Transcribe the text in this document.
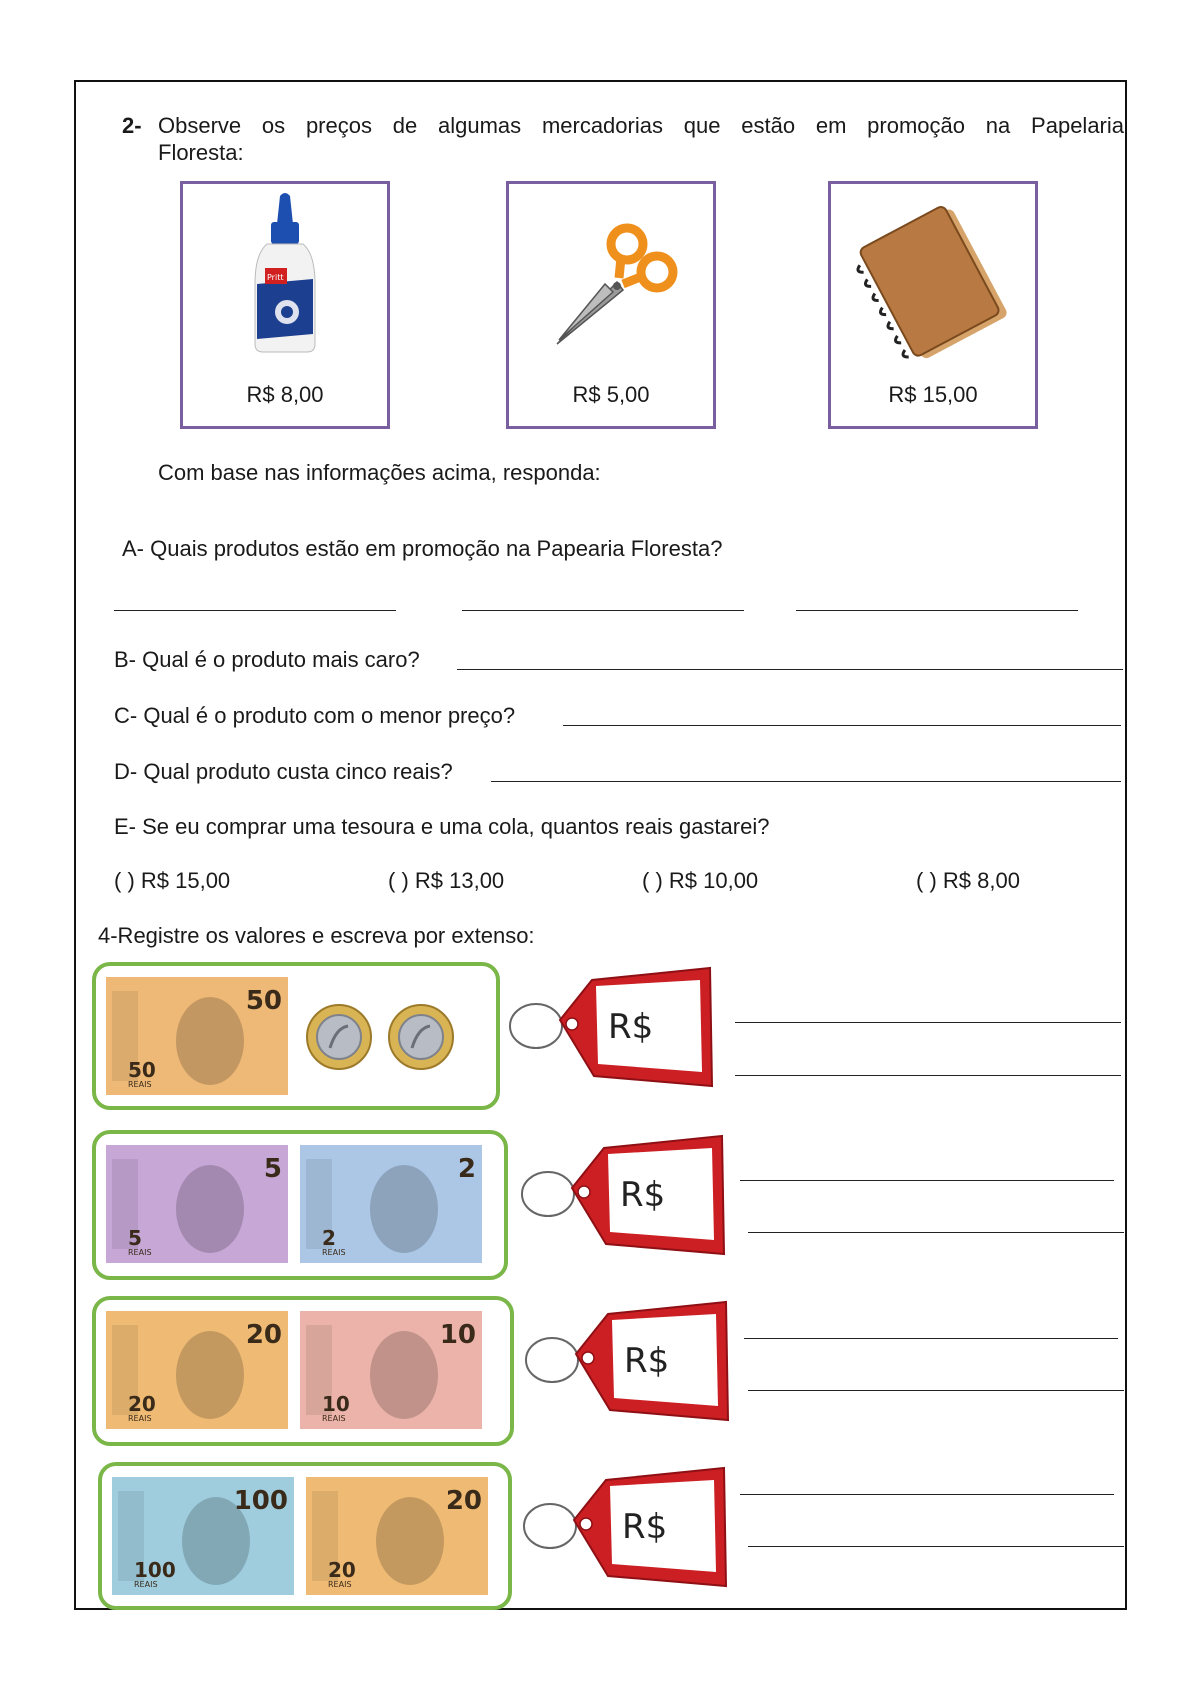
2- Observe os preços de algumas mercadorias que estão em promoção na Papelaria
Floresta:
Pritt
R$ 8,00	R$ 5,00	R$ 15,00
Com base nas informações acima, responda:
A- Quais produtos estão em promoção na Papearia Floresta?
B- Qual é o produto mais caro?
C- Qual é o produto com o menor preço?
D- Qual produto custa cinco reais?
E- Se eu comprar uma tesoura e uma cola, quantos reais gastarei?
( ) R$ 15,00	( ) R$ 13,00	( ) R$ 10,00	( ) R$ 8,00
4-Registre os valores e escreva por extenso:
50
50
REAIS
R$
5
5
REAIS
2
2
REAIS
R$
20
20
REAIS
10
10
REAIS
R$
100
100
REAIS
20
20
REAIS
R$
